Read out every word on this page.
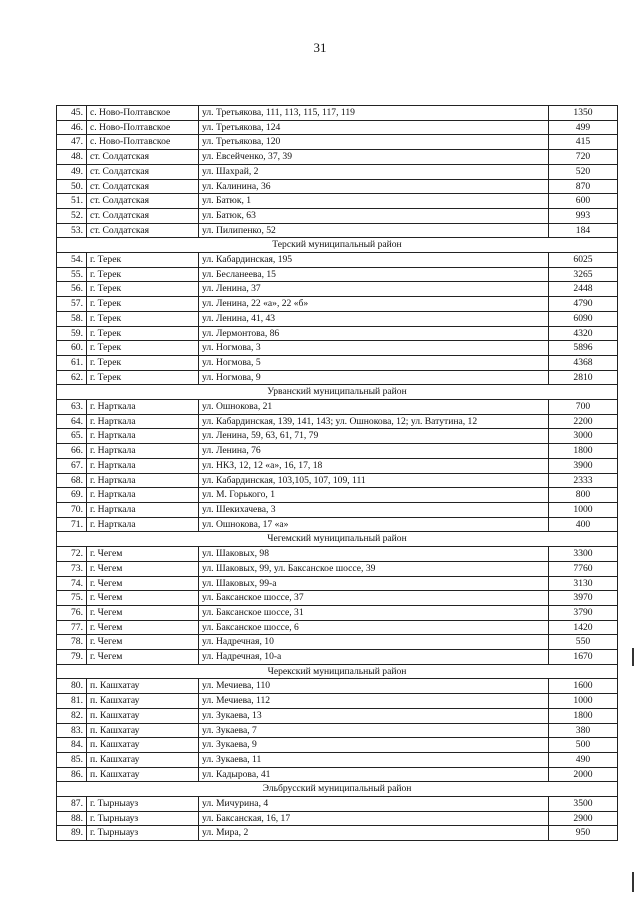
31
45.	с. Ново-Полтавское	ул. Третьякова, 111, 113, 115, 117, 119	1350
46.	с. Ново-Полтавское	ул. Третьякова, 124	499
47.	с. Ново-Полтавское	ул. Третьякова, 120	415
48.	ст. Солдатская	ул. Евсейченко, 37, 39	720
49.	ст. Солдатская	ул. Шахрай, 2	520
50.	ст. Солдатская	ул. Калинина, 36	870
51.	ст. Солдатская	ул. Батюк, 1	600
52.	ст. Солдатская	ул. Батюк, 63	993
53.	ст. Солдатская	ул. Пилипенко, 52	184
Терский муниципальный район			
54.	г. Терек	ул. Кабардинская, 195	6025
55.	г. Терек	ул. Бесланеева, 15	3265
56.	г. Терек	ул. Ленина, 37	2448
57.	г. Терек	ул. Ленина, 22 «а», 22 «б»	4790
58.	г. Терек	ул. Ленина, 41, 43	6090
59.	г. Терек	ул. Лермонтова, 86	4320
60.	г. Терек	ул. Ногмова, 3	5896
61.	г. Терек	ул. Ногмова, 5	4368
62.	г. Терек	ул. Ногмова, 9	2810
Урванский муниципальный район			
63.	г. Нарткала	ул. Ошнокова, 21	700
64.	г. Нарткала	ул. Кабардинская, 139, 141, 143; ул. Ошнокова, 12; ул. Ватутина, 12	2200
65.	г. Нарткала	ул. Ленина, 59, 63, 61, 71, 79	3000
66.	г. Нарткала	ул. Ленина, 76	1800
67.	г. Нарткала	ул. НКЗ, 12, 12 «а», 16, 17, 18	3900
68.	г. Нарткала	ул. Кабардинская, 103,105, 107, 109, 111	2333
69.	г. Нарткала	ул. М. Горького, 1	800
70.	г. Нарткала	ул. Шекихачева, 3	1000
71.	г. Нарткала	ул. Ошнокова, 17 «а»	400
Чегемский муниципальный район			
72.	г. Чегем	ул. Шаковых, 98	3300
73.	г. Чегем	ул. Шаковых, 99, ул. Баксанское шоссе, 39	7760
74.	г. Чегем	ул. Шаковых, 99-а	3130
75.	г. Чегем	ул. Баксанское шоссе, 37	3970
76.	г. Чегем	ул. Баксанское шоссе, 31	3790
77.	г. Чегем	ул. Баксанское шоссе, 6	1420
78.	г. Чегем	ул. Надречная, 10	550
79.	г. Чегем	ул. Надречная, 10-а	1670
Черекский муниципальный район			
80.	п. Кашхатау	ул. Мечиева, 110	1600
81.	п. Кашхатау	ул. Мечиева, 112	1000
82.	п. Кашхатау	ул. Зукаева, 13	1800
83.	п. Кашхатау	ул. Зукаева, 7	380
84.	п. Кашхатау	ул. Зукаева, 9	500
85.	п. Кашхатау	ул. Зукаева, 11	490
86.	п. Кашхатау	ул. Кадырова, 41	2000
Эльбрусский муниципальный район			
87.	г. Тырныауз	ул. Мичурина, 4	3500
88.	г. Тырныауз	ул. Баксанская, 16, 17	2900
89.	г. Тырныауз	ул. Мира, 2	950
